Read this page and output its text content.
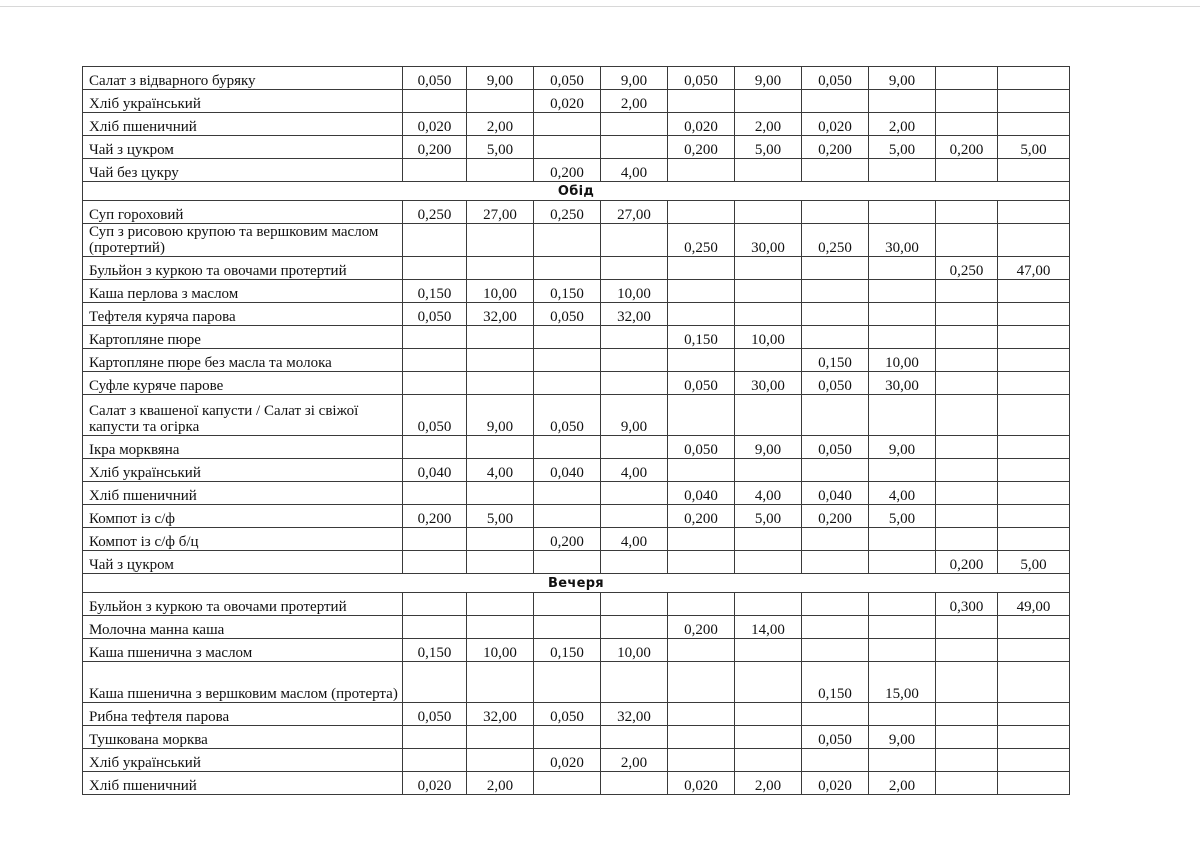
Салат з відварного буряку	0,050	9,00	0,050	9,00	0,050	9,00	0,050	9,00		
Хліб український			0,020	2,00						
Хліб пшеничний	0,020	2,00			0,020	2,00	0,020	2,00		
Чай з цукром	0,200	5,00			0,200	5,00	0,200	5,00	0,200	5,00
Чай без цукру			0,200	4,00						
Обід										
Суп гороховий	0,250	27,00	0,250	27,00						
Суп з рисовою крупою та вершковим маслом (протертий)					0,250	30,00	0,250	30,00		
Бульйон з куркою та овочами протертий									0,250	47,00
Каша перлова з маслом	0,150	10,00	0,150	10,00						
Тефтеля куряча парова	0,050	32,00	0,050	32,00						
Картопляне пюре					0,150	10,00				
Картопляне пюре без масла та молока							0,150	10,00		
Суфле куряче парове					0,050	30,00	0,050	30,00		
Салат з квашеної капусти / Салат зі свіжої капусти та огірка	0,050	9,00	0,050	9,00						
Ікра морквяна					0,050	9,00	0,050	9,00		
Хліб український	0,040	4,00	0,040	4,00						
Хліб пшеничний					0,040	4,00	0,040	4,00		
Компот із с/ф	0,200	5,00			0,200	5,00	0,200	5,00		
Компот із с/ф б/ц			0,200	4,00						
Чай з цукром									0,200	5,00
Вечеря										
Бульйон з куркою та овочами протертий									0,300	49,00
Молочна манна каша					0,200	14,00				
Каша пшенична з маслом	0,150	10,00	0,150	10,00						
Каша пшенична з вершковим маслом (протерта)							0,150	15,00		
Рибна тефтеля парова	0,050	32,00	0,050	32,00						
Тушкована морква							0,050	9,00		
Хліб український			0,020	2,00						
Хліб пшеничний	0,020	2,00			0,020	2,00	0,020	2,00		
